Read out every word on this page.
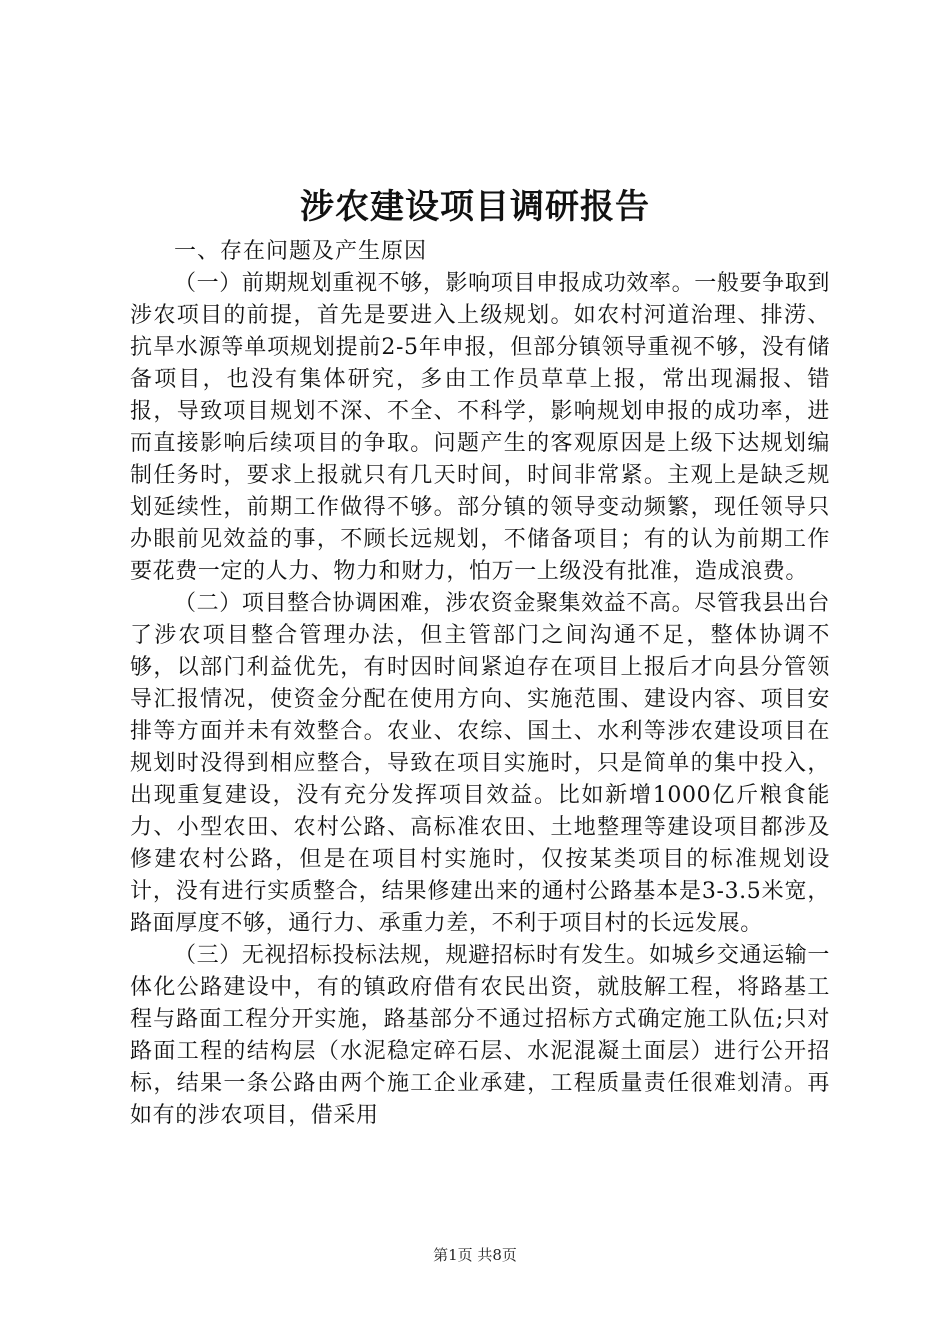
涉农建设项目调研报告

一、存在问题及产生原因

（一）前期规划重视不够，影响项目申报成功效率。一般要争取到涉农项目的前提，首先是要进入上级规划。如农村河道治理、排涝、抗旱水源等单项规划提前2-5年申报，但部分镇领导重视不够，没有储备项目，也没有集体研究，多由工作员草草上报，常出现漏报、错报，导致项目规划不深、不全、不科学，影响规划申报的成功率，进而直接影响后续项目的争取。问题产生的客观原因是上级下达规划编制任务时，要求上报就只有几天时间，时间非常紧。主观上是缺乏规划延续性，前期工作做得不够。部分镇的领导变动频繁，现任领导只办眼前见效益的事，不顾长远规划，不储备项目；有的认为前期工作要花费一定的人力、物力和财力，怕万一上级没有批准，造成浪费。

（二）项目整合协调困难，涉农资金聚集效益不高。尽管我县出台了涉农项目整合管理办法，但主管部门之间沟通不足，整体协调不够，以部门利益优先，有时因时间紧迫存在项目上报后才向县分管领导汇报情况，使资金分配在使用方向、实施范围、建设内容、项目安排等方面并未有效整合。农业、农综、国土、水利等涉农建设项目在规划时没得到相应整合，导致在项目实施时，只是简单的集中投入，出现重复建设，没有充分发挥项目效益。比如新增1000亿斤粮食能力、小型农田、农村公路、高标准农田、土地整理等建设项目都涉及修建农村公路，但是在项目村实施时，仅按某类项目的标准规划设计，没有进行实质整合，结果修建出来的通村公路基本是3-3.5米宽，路面厚度不够，通行力、承重力差，不利于项目村的长远发展。

（三）无视招标投标法规，规避招标时有发生。如城乡交通运输一体化公路建设中，有的镇政府借有农民出资，就肢解工程，将路基工程与路面工程分开实施，路基部分不通过招标方式确定施工队伍;只对路面工程的结构层（水泥稳定碎石层、水泥混凝土面层）进行公开招标，结果一条公路由两个施工企业承建，工程质量责任很难划清。再如有的涉农项目，借采用

第1页 共8页
